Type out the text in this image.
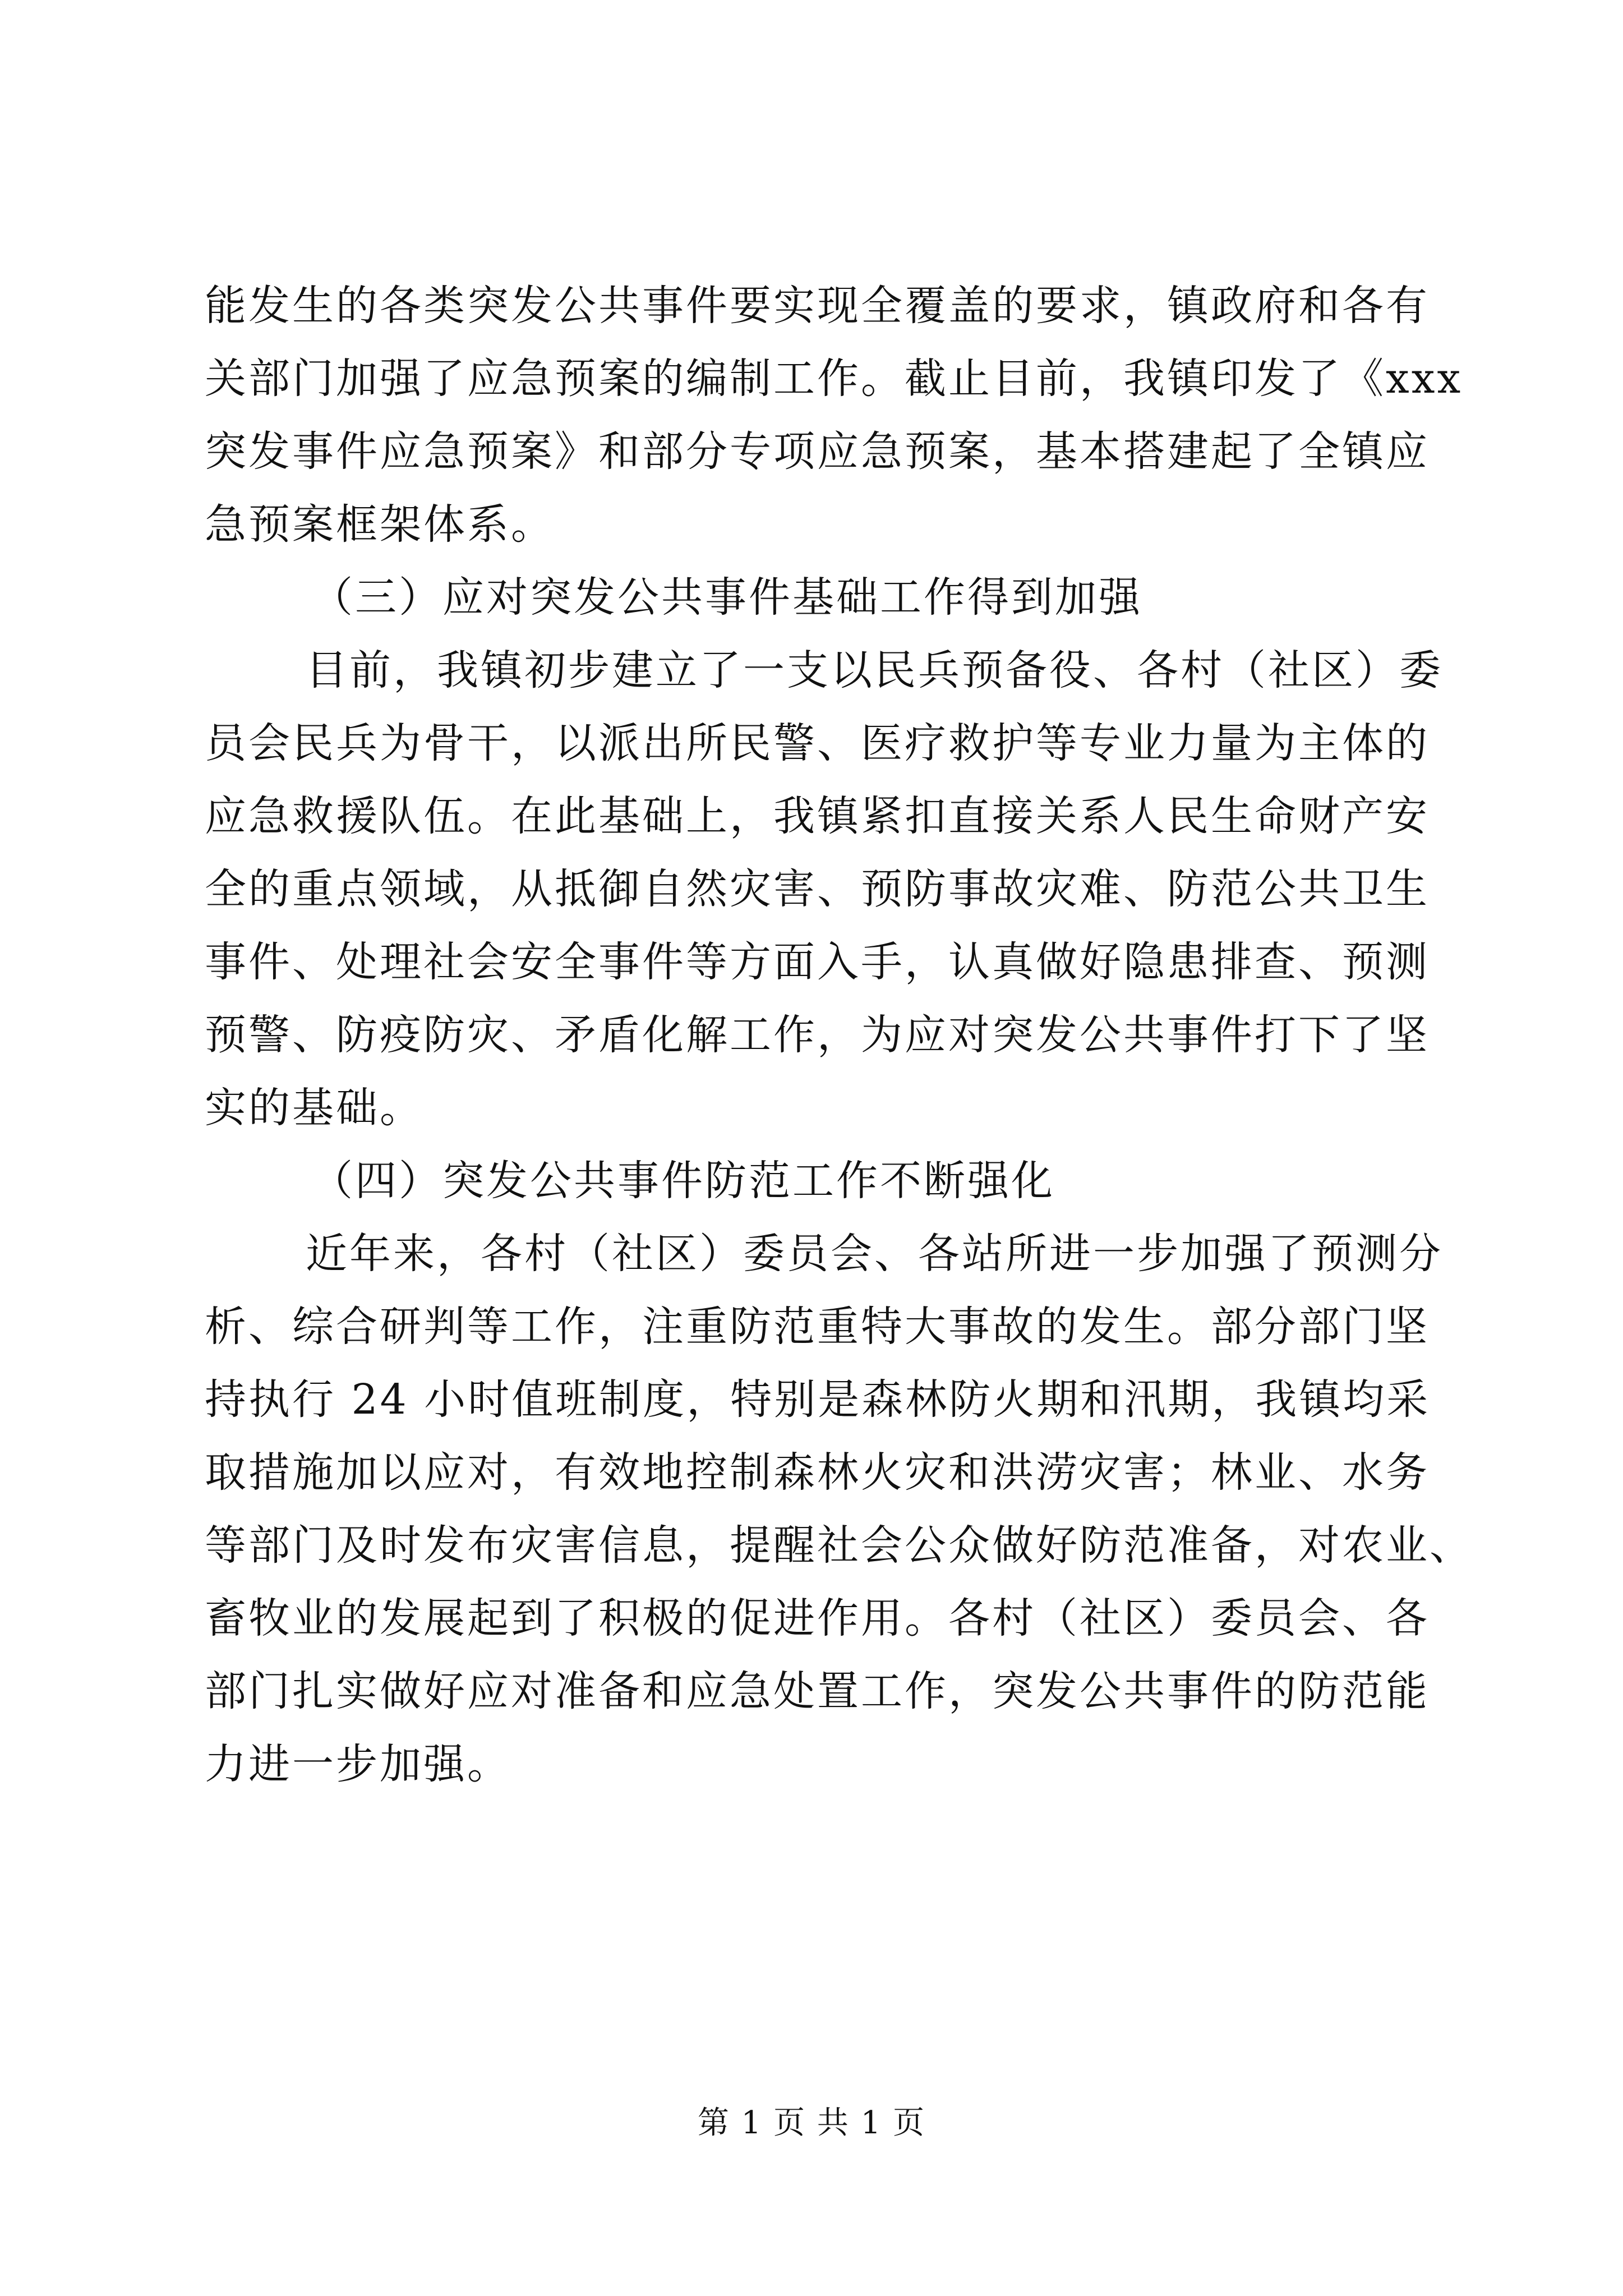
能发生的各类突发公共事件要实现全覆盖的要求，镇政府和各有
关部门加强了应急预案的编制工作。截止目前，我镇印发了《xxx
突发事件应急预案》和部分专项应急预案，基本搭建起了全镇应
急预案框架体系。
（三）应对突发公共事件基础工作得到加强
目前，我镇初步建立了一支以民兵预备役、各村（社区）委
员会民兵为骨干，以派出所民警、医疗救护等专业力量为主体的
应急救援队伍。在此基础上，我镇紧扣直接关系人民生命财产安
全的重点领域，从抵御自然灾害、预防事故灾难、防范公共卫生
事件、处理社会安全事件等方面入手，认真做好隐患排查、预测
预警、防疫防灾、矛盾化解工作，为应对突发公共事件打下了坚
实的基础。
（四）突发公共事件防范工作不断强化
近年来，各村（社区）委员会、各站所进一步加强了预测分
析、综合研判等工作，注重防范重特大事故的发生。部分部门坚
持执行 24 小时值班制度，特别是森林防火期和汛期，我镇均采
取措施加以应对，有效地控制森林火灾和洪涝灾害；林业、水务
等部门及时发布灾害信息，提醒社会公众做好防范准备，对农业、
畜牧业的发展起到了积极的促进作用。各村（社区）委员会、各
部门扎实做好应对准备和应急处置工作，突发公共事件的防范能
力进一步加强。
第 1 页 共 1 页
